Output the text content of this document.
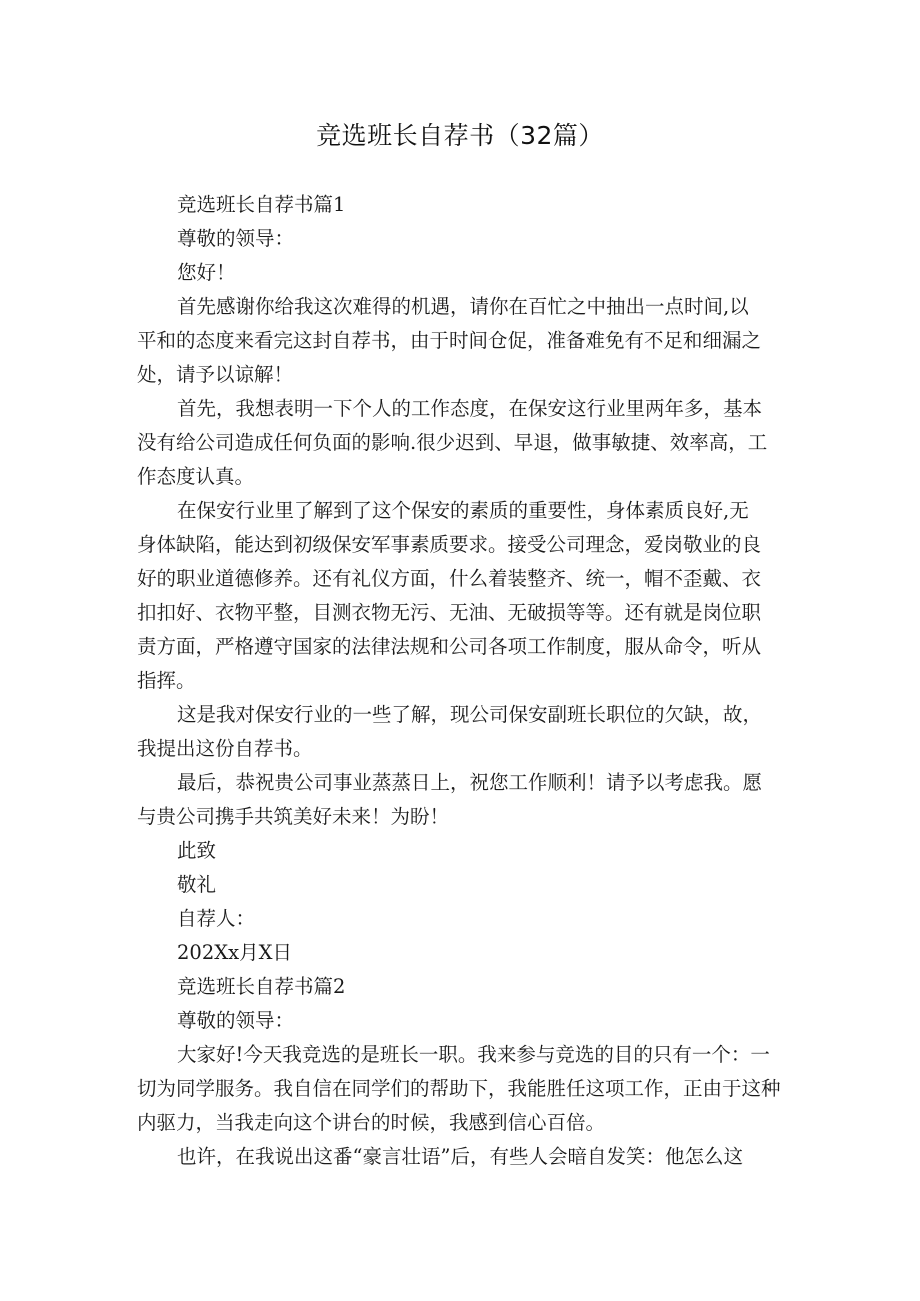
竞选班长自荐书（32篇）

竞选班长自荐书篇1

尊敬的领导：

您好！

首先感谢你给我这次难得的机遇，请你在百忙之中抽出一点时间,以
平和的态度来看完这封自荐书，由于时间仓促，准备难免有不足和细漏之
处，请予以谅解！

首先，我想表明一下个人的工作态度，在保安这行业里两年多，基本
没有给公司造成任何负面的影响.很少迟到、早退，做事敏捷、效率高，工
作态度认真。

在保安行业里了解到了这个保安的素质的重要性，身体素质良好,无
身体缺陷，能达到初级保安军事素质要求。接受公司理念，爱岗敬业的良
好的职业道德修养。还有礼仪方面，什么着装整齐、统一，帽不歪戴、衣
扣扣好、衣物平整，目测衣物无污、无油、无破损等等。还有就是岗位职
责方面，严格遵守国家的法律法规和公司各项工作制度，服从命令，听从
指挥。

这是我对保安行业的一些了解，现公司保安副班长职位的欠缺，故，
我提出这份自荐书。

最后，恭祝贵公司事业蒸蒸日上，祝您工作顺利！请予以考虑我。愿
与贵公司携手共筑美好未来！为盼！

此致

敬礼

自荐人：

202Xx月X日

竞选班长自荐书篇2

尊敬的领导：

大家好!今天我竞选的是班长一职。我来参与竞选的目的只有一个：一
切为同学服务。我自信在同学们的帮助下，我能胜任这项工作，正由于这种
内驱力，当我走向这个讲台的时候，我感到信心百倍。

也许，在我说出这番“豪言壮语”后，有些人会暗自发笑：他怎么这
